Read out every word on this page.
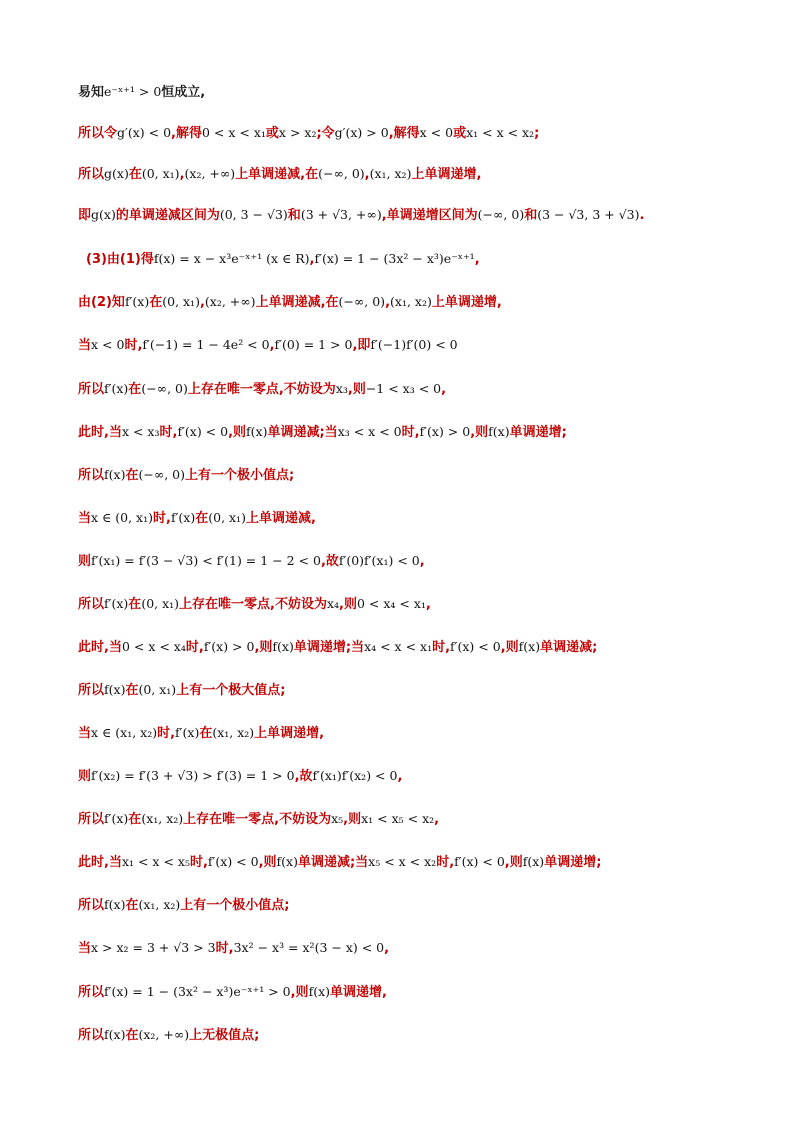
易知e⁻ˣ⁺¹ > 0恒成立,
所以令g′(x) < 0,解得0 < x < x₁或x > x₂;令g′(x) > 0,解得x < 0或x₁ < x < x₂;
所以g(x)在(0, x₁),(x₂, +∞)上单调递减,在(−∞, 0),(x₁, x₂)上单调递增,
即g(x)的单调递减区间为(0, 3 − √3)和(3 + √3, +∞),单调递增区间为(−∞, 0)和(3 − √3, 3 + √3).
(3)由(1)得f(x) = x − x³e⁻ˣ⁺¹ (x ∈ R),f′(x) = 1 − (3x² − x³)e⁻ˣ⁺¹,
由(2)知f′(x)在(0, x₁),(x₂, +∞)上单调递减,在(−∞, 0),(x₁, x₂)上单调递增,
当x < 0时,f′(−1) = 1 − 4e² < 0,f′(0) = 1 > 0,即f′(−1)f′(0) < 0
所以f′(x)在(−∞, 0)上存在唯一零点,不妨设为x₃,则−1 < x₃ < 0,
此时,当x < x₃时,f′(x) < 0,则f(x)单调递减;当x₃ < x < 0时,f′(x) > 0,则f(x)单调递增;
所以f(x)在(−∞, 0)上有一个极小值点;
当x ∈ (0, x₁)时,f′(x)在(0, x₁)上单调递减,
则f′(x₁) = f′(3 − √3) < f′(1) = 1 − 2 < 0,故f′(0)f′(x₁) < 0,
所以f′(x)在(0, x₁)上存在唯一零点,不妨设为x₄,则0 < x₄ < x₁,
此时,当0 < x < x₄时,f′(x) > 0,则f(x)单调递增;当x₄ < x < x₁时,f′(x) < 0,则f(x)单调递减;
所以f(x)在(0, x₁)上有一个极大值点;
当x ∈ (x₁, x₂)时,f′(x)在(x₁, x₂)上单调递增,
则f′(x₂) = f′(3 + √3) > f′(3) = 1 > 0,故f′(x₁)f′(x₂) < 0,
所以f′(x)在(x₁, x₂)上存在唯一零点,不妨设为x₅,则x₁ < x₅ < x₂,
此时,当x₁ < x < x₅时,f′(x) < 0,则f(x)单调递减;当x₅ < x < x₂时,f′(x) < 0,则f(x)单调递增;
所以f(x)在(x₁, x₂)上有一个极小值点;
当x > x₂ = 3 + √3 > 3时,3x² − x³ = x²(3 − x) < 0,
所以f′(x) = 1 − (3x² − x³)e⁻ˣ⁺¹ > 0,则f(x)单调递增,
所以f(x)在(x₂, +∞)上无极值点;
